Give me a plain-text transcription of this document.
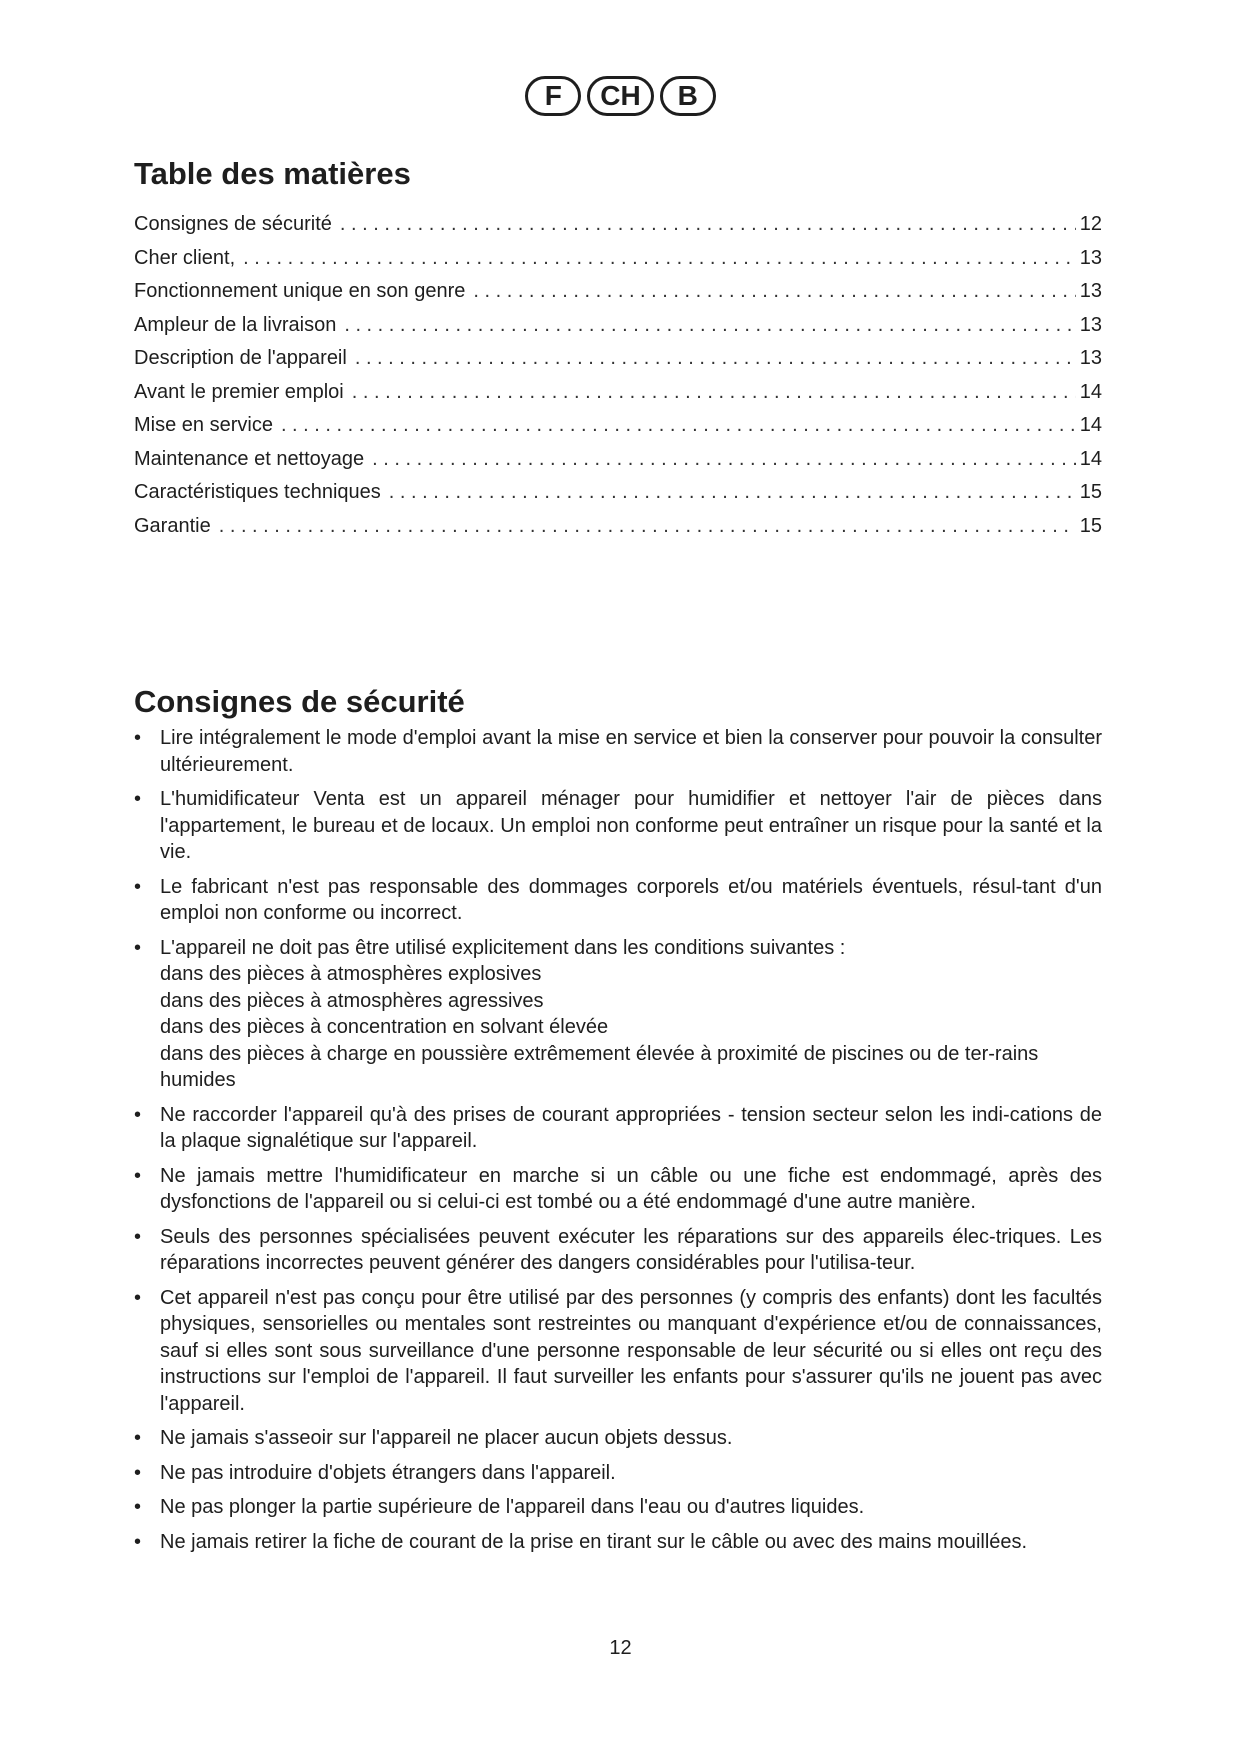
F	CH	B
Table des matières
Consignes de sécurité . . .	12
Cher client, . . .	13
Fonctionnement unique en son genre . . .	13
Ampleur de la livraison . . .	13
Description de l'appareil . . .	13
Avant le premier emploi . . .	14
Mise en service . . .	14
Maintenance et nettoyage . . .	14
Caractéristiques techniques . . .	15
Garantie . . .	15
Consignes de sécurité
• Lire intégralement le mode d'emploi avant la mise en service et bien la conserver pour pouvoir la consulter ultérieurement.
• L'humidificateur Venta est un appareil ménager pour humidifier et nettoyer l'air de pièces dans l'appartement, le bureau et de locaux. Un emploi non conforme peut entraîner un risque pour la santé et la vie.
• Le fabricant n'est pas responsable des dommages corporels et/ou matériels éventuels, résul-tant d'un emploi non conforme ou incorrect.
• L'appareil ne doit pas être utilisé explicitement dans les conditions suivantes :
dans des pièces à atmosphères explosives
dans des pièces à atmosphères agressives
dans des pièces à concentration en solvant élevée
dans des pièces à charge en poussière extrêmement élevée à proximité de piscines ou de ter-rains humides
• Ne raccorder l'appareil qu'à des prises de courant appropriées - tension secteur selon les indi-cations de la plaque signalétique sur l'appareil.
• Ne jamais mettre l'humidificateur en marche si un câble ou une fiche est endommagé, après des dysfonctions de l'appareil ou si celui-ci est tombé ou a été endommagé d'une autre manière.
• Seuls des personnes spécialisées peuvent exécuter les réparations sur des appareils élec-triques. Les réparations incorrectes peuvent générer des dangers considérables pour l'utilisa-teur.
• Cet appareil n'est pas conçu pour être utilisé par des personnes (y compris des enfants) dont les facultés physiques, sensorielles ou mentales sont restreintes ou manquant d'expérience et/ou de connaissances, sauf si elles sont sous surveillance d'une personne responsable de leur sécurité ou si elles ont reçu des instructions sur l'emploi de l'appareil. Il faut surveiller les enfants pour s'assurer qu'ils ne jouent pas avec l'appareil.
• Ne jamais s'asseoir sur l'appareil ne placer aucun objets dessus.
• Ne pas introduire d'objets étrangers dans l'appareil.
• Ne pas plonger la partie supérieure de l'appareil dans l'eau ou d'autres liquides.
• Ne jamais retirer la fiche de courant de la prise en tirant sur le câble ou avec des mains mouillées.
12
